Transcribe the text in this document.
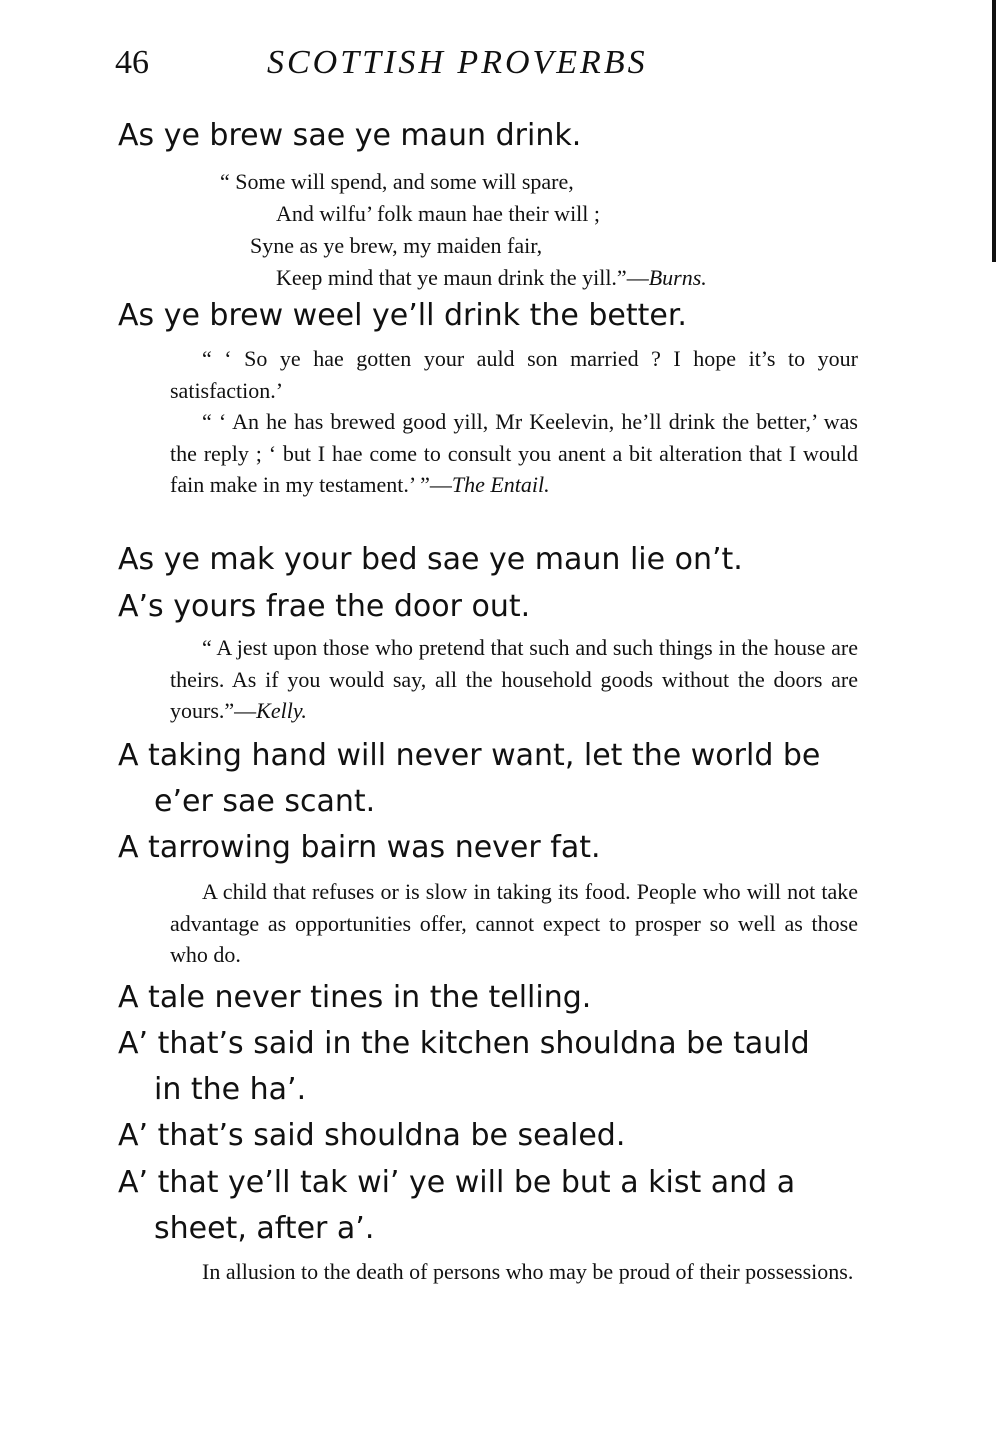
46	SCOTTISH PROVERBS
As ye brew sae ye maun drink.
“ Some will spend, and some will spare,
And wilfu’ folk maun hae their will ;
Syne as ye brew, my maiden fair,
Keep mind that ye maun drink the yill.”—Burns.
As ye brew weel ye’ll drink the better.
“ ‘ So ye hae gotten your auld son married ? I hope it’s to your satisfaction.’
“ ‘ An he has brewed good yill, Mr Keelevin, he’ll drink the better,’ was the reply ; ‘ but I hae come to consult you anent a bit alteration that I would fain make in my testament.’ ”—The Entail.
As ye mak your bed sae ye maun lie on’t.
A’s yours frae the door out.
“ A jest upon those who pretend that such and such things in the house are theirs. As if you would say, all the household goods without the doors are yours.”—Kelly.
A taking hand will never want, let the world be
e’er sae scant.
A tarrowing bairn was never fat.
A child that refuses or is slow in taking its food. People who will not take advantage as opportunities offer, cannot expect to prosper so well as those who do.
A tale never tines in the telling.
A’ that’s said in the kitchen shouldna be tauld
in the ha’.
A’ that’s said shouldna be sealed.
A’ that ye’ll tak wi’ ye will be but a kist and a
sheet, after a’.
In allusion to the death of persons who may be proud of their possessions.
